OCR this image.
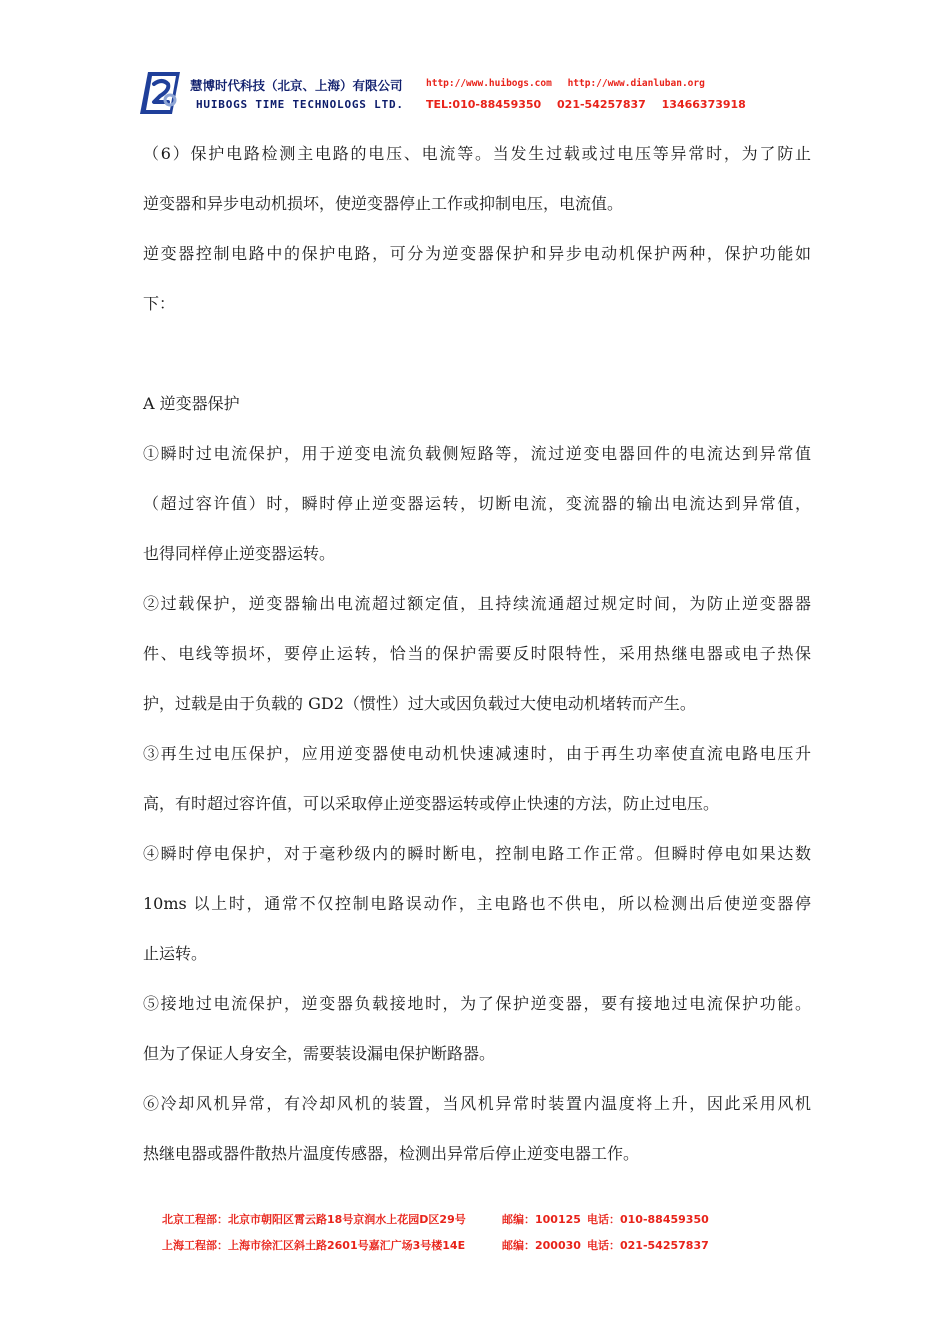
慧博时代科技（北京、上海）有限公司
HUIBOGS TIME TECHNOLOGS LTD.
http://www.huibogs.com http://www.dianluban.org
TEL:010-88459350 021-54257837 13466373918

（6）保护电路检测主电路的电压、电流等。当发生过载或过电压等异常时，为了防止

逆变器和异步电动机损坏，使逆变器停止工作或抑制电压，电流值。

逆变器控制电路中的保护电路，可分为逆变器保护和异步电动机保护两种，保护功能如

下：

A 逆变器保护

①瞬时过电流保护，用于逆变电流负载侧短路等，流过逆变电器回件的电流达到异常值

（超过容许值）时，瞬时停止逆变器运转，切断电流，变流器的输出电流达到异常值，

也得同样停止逆变器运转。

②过载保护，逆变器输出电流超过额定值，且持续流通超过规定时间，为防止逆变器器

件、电线等损坏，要停止运转，恰当的保护需要反时限特性，采用热继电器或电子热保

护，过载是由于负载的 GD2（惯性）过大或因负载过大使电动机堵转而产生。

③再生过电压保护，应用逆变器使电动机快速减速时，由于再生功率使直流电路电压升

高，有时超过容许值，可以采取停止逆变器运转或停止快速的方法，防止过电压。

④瞬时停电保护，对于毫秒级内的瞬时断电，控制电路工作正常。但瞬时停电如果达数

10ms 以上时，通常不仅控制电路误动作，主电路也不供电，所以检测出后使逆变器停

止运转。

⑤接地过电流保护，逆变器负载接地时，为了保护逆变器，要有接地过电流保护功能。

但为了保证人身安全，需要装设漏电保护断路器。

⑥冷却风机异常，有冷却风机的装置，当风机异常时装置内温度将上升，因此采用风机

热继电器或器件散热片温度传感器，检测出异常后停止逆变电器工作。

北京工程部：北京市朝阳区霄云路18号京润水上花园D区29号	邮编：100125 电话：010-88459350
上海工程部：上海市徐汇区斜土路2601号嘉汇广场3号楼14E	邮编：200030 电话：021-54257837
